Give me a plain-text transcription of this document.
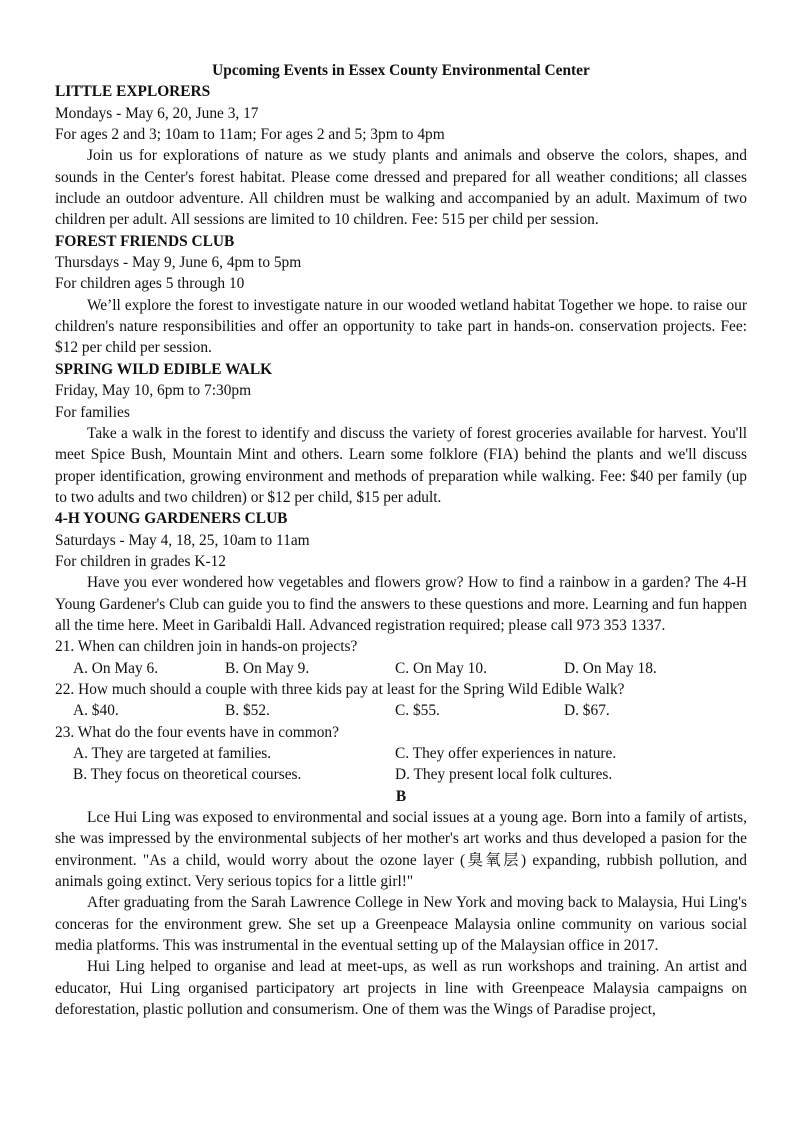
Upcoming Events in Essex County Environmental Center
LITTLE EXPLORERS
Mondays - May 6, 20, June 3, 17
For ages 2 and 3; 10am to 11am; For ages 2 and 5; 3pm to 4pm
Join us for explorations of nature as we study plants and animals and observe the colors, shapes, and sounds in the Center's forest habitat. Please come dressed and prepared for all weather conditions; all classes include an outdoor adventure. All children must be walking and accompanied by an adult. Maximum of two children per adult. All sessions are limited to 10 children. Fee: 515 per child per session.
FOREST FRIENDS CLUB
Thursdays - May 9, June 6, 4pm to 5pm
For children ages 5 through 10
We’ll explore the forest to investigate nature in our wooded wetland habitat Together we hope. to raise our children's nature responsibilities and offer an opportunity to take part in hands-on. conservation projects. Fee: $12 per child per session.
SPRING WILD EDIBLE WALK
Friday, May 10, 6pm to 7:30pm
For families
Take a walk in the forest to identify and discuss the variety of forest groceries available for harvest. You'll meet Spice Bush, Mountain Mint and others. Learn some folklore (FIA) behind the plants and we'll discuss proper identification, growing environment and methods of preparation while walking. Fee: $40 per family (up to two adults and two children) or $12 per child, $15 per adult.
4-H YOUNG GARDENERS CLUB
Saturdays - May 4, 18, 25, 10am to 11am
For children in grades K-12
Have you ever wondered how vegetables and flowers grow? How to find a rainbow in a garden? The 4-H Young Gardener's Club can guide you to find the answers to these questions and more. Learning and fun happen all the time here. Meet in Garibaldi Hall. Advanced registration required; please call 973 353 1337.
21. When can children join in hands-on projects?
A. On May 6.	B. On May 9.	C. On May 10.	D. On May 18.
22. How much should a couple with three kids pay at least for the Spring Wild Edible Walk?
A. $40.	B. $52.	C. $55.	D. $67.
23. What do the four events have in common?
A. They are targeted at families.	C. They offer experiences in nature.
B. They focus on theoretical courses.	D. They present local folk cultures.
B
Lce Hui Ling was exposed to environmental and social issues at a young age. Born into a family of artists, she was impressed by the environmental subjects of her mother's art works and thus developed a pasion for the environment. "As a child, would worry about the ozone layer (臭氧层) expanding, rubbish pollution, and animals going extinct. Very serious topics for a little girl!"
After graduating from the Sarah Lawrence College in New York and moving back to Malaysia, Hui Ling's conceras for the environment grew. She set up a Greenpeace Malaysia online community on various social media platforms. This was instrumental in the eventual setting up of the Malaysian office in 2017.
Hui Ling helped to organise and lead at meet-ups, as well as run workshops and training. An artist and educator, Hui Ling organised participatory art projects in line with Greenpeace Malaysia campaigns on deforestation, plastic pollution and consumerism. One of them was the Wings of Paradise project,
